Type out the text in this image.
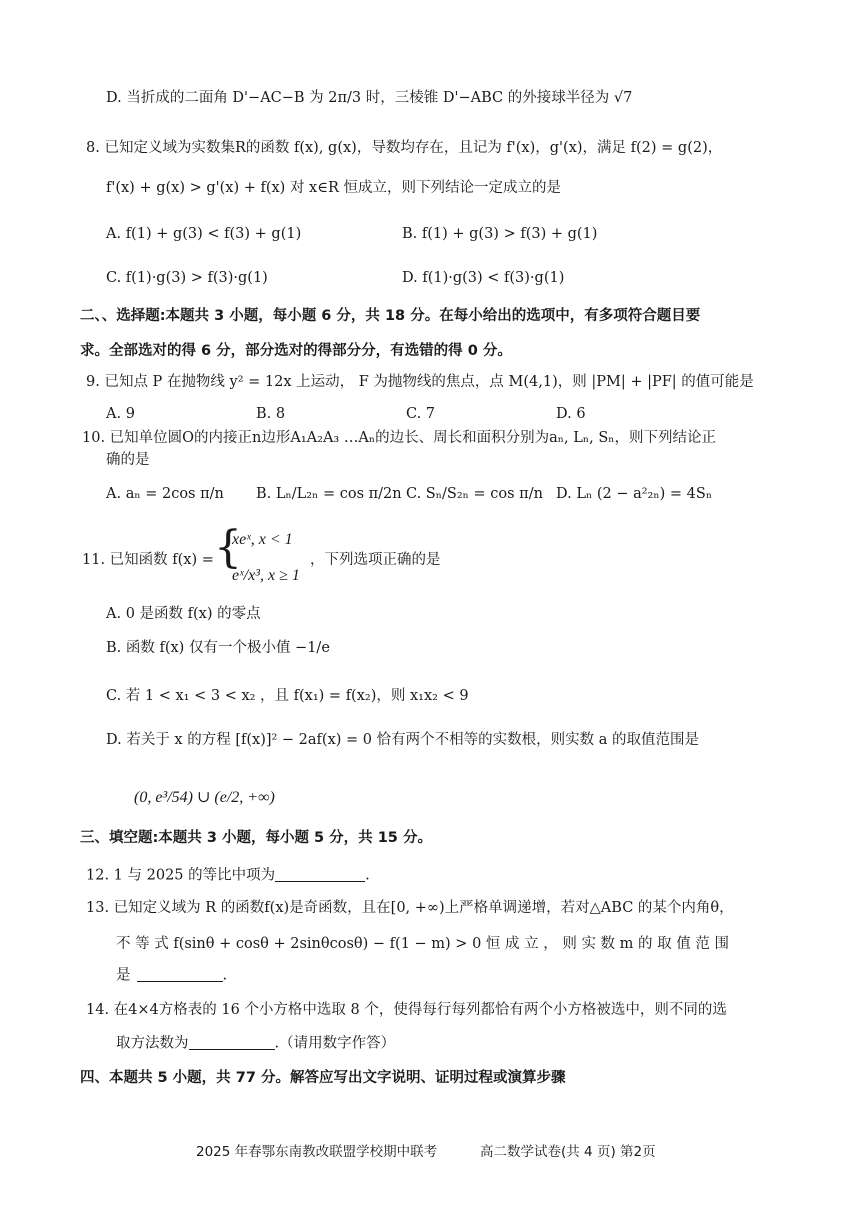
D. 当折成的二面角 D'−AC−B 为 2π/3 时，三棱锥 D'−ABC 的外接球半径为 √7
8. 已知定义域为实数集R的函数 f(x), g(x)，导数均存在，且记为 f'(x)，g'(x)，满足 f(2) = g(2)，
f'(x) + g(x) > g'(x) + f(x) 对 x∈R 恒成立，则下列结论一定成立的是
A. f(1) + g(3) < f(3) + g(1)	B. f(1) + g(3) > f(3) + g(1)
C. f(1)·g(3) > f(3)·g(1)	D. f(1)·g(3) < f(3)·g(1)
二、、选择题:本题共 3 小题，每小题 6 分，共 18 分。在每小给出的选项中，有多项符合题目要
求。全部选对的得 6 分，部分选对的得部分分，有选错的得 0 分。
9. 已知点 P 在抛物线 y² = 12x 上运动， F 为抛物线的焦点，点 M(4,1)，则 |PM| + |PF| 的值可能是
A. 9	B. 8	C. 7	D. 6
10. 已知单位圆O的内接正n边形A₁A₂A₃ …Aₙ的边长、周长和面积分别为aₙ, Lₙ, Sₙ，则下列结论正
确的是
A. aₙ = 2cos π/n B. Lₙ/L₂ₙ = cos π/2n C. Sₙ/S₂ₙ = cos π/n D. Lₙ (2 − a²₂ₙ) = 4Sₙ
11. 已知函数 f(x) = {
xeˣ, x < 1
eˣ/x³, x ≥ 1
，下列选项正确的是
A. 0 是函数 f(x) 的零点
B. 函数 f(x) 仅有一个极小值 −1/e
C. 若 1 < x₁ < 3 < x₂ ，且 f(x₁) = f(x₂)，则 x₁x₂ < 9
D. 若关于 x 的方程 [f(x)]² − 2af(x) = 0 恰有两个不相等的实数根，则实数 a 的取值范围是
(0, e³/54) ∪ (e/2, +∞)
三、填空题:本题共 3 小题，每小题 5 分，共 15 分。
12. 1 与 2025 的等比中项为	.
13. 已知定义域为 R 的函数f(x)是奇函数，且在[0, +∞)上严格单调递增，若对△ABC 的某个内角θ，
不 等 式 f(sinθ + cosθ + 2sinθcosθ) − f(1 − m) > 0 恒 成 立 ， 则 实 数 m 的 取 值 范 围
是	.
14. 在4×4方格表的 16 个小方格中选取 8 个，使得每行每列都恰有两个小方格被选中，则不同的选
取方法数为	.（请用数字作答）
四、本题共 5 小题，共 77 分。解答应写出文字说明、证明过程或演算步骤
2025 年春鄂东南教改联盟学校期中联考	高二数学试卷(共 4 页) 第2页
